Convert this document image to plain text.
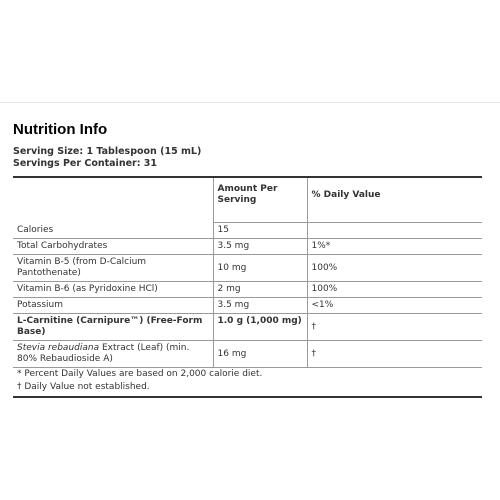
Nutrition Info
Serving Size: 1 Tablespoon (15 mL)
Servings Per Container: 31
	Amount Per Serving	% Daily Value
Calories	15	
Total Carbohydrates	3.5 mg	1%*
Vitamin B-5 (from D-Calcium Pantothenate)	10 mg	100%
Vitamin B-6 (as Pyridoxine HCl)	2 mg	100%
Potassium	3.5 mg	<1%
L-Carnitine (Carnipure™) (Free-Form Base)	1.0 g (1,000 mg)	†
Stevia rebaudiana Extract (Leaf) (min. 80% Rebaudioside A)	16 mg	†
* Percent Daily Values are based on 2,000 calorie diet.
† Daily Value not established.
